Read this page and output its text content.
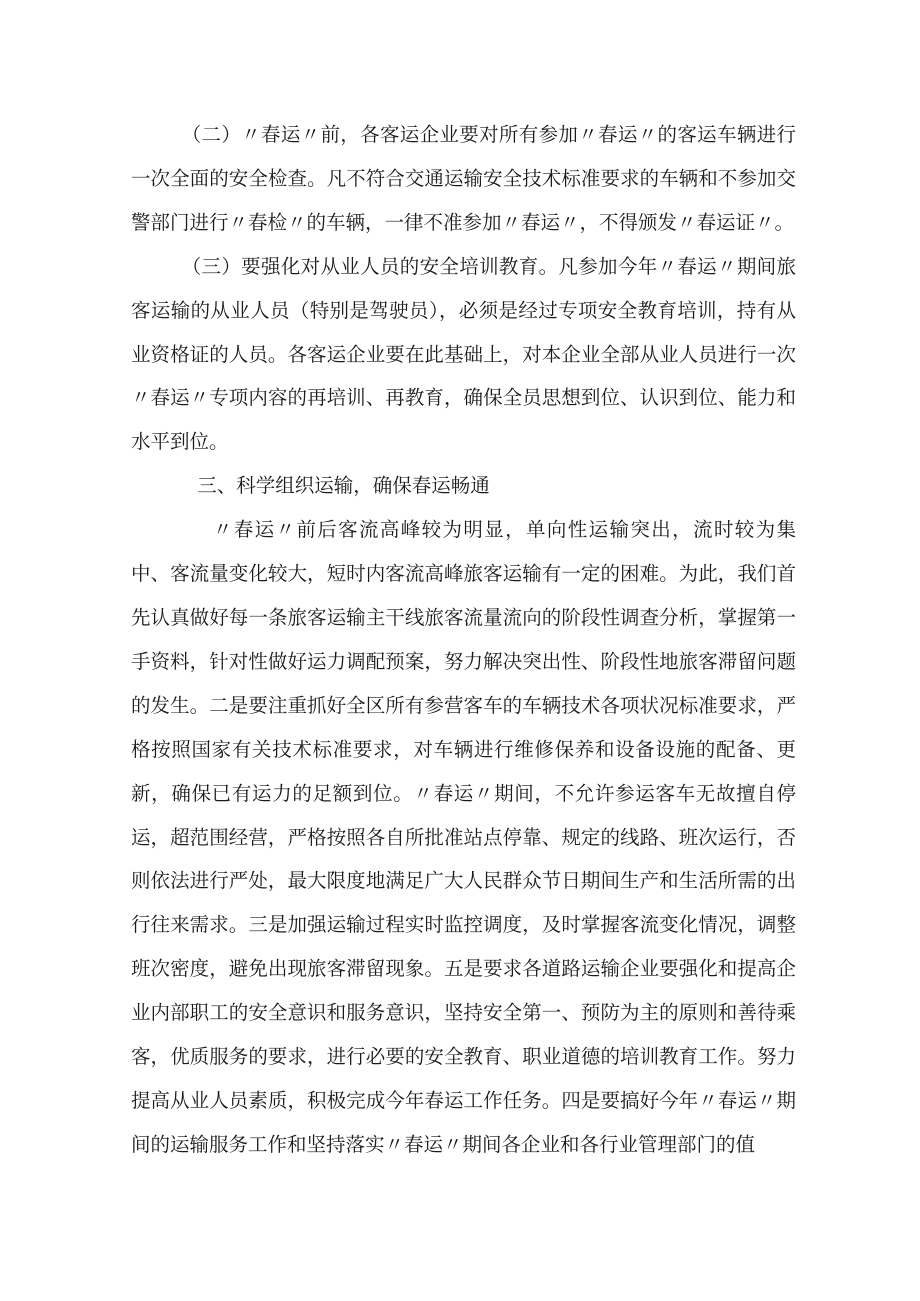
（二）〃春运〃前，各客运企业要对所有参加〃春运〃的客运车辆进行一次全面的安全检查。凡不符合交通运输安全技术标准要求的车辆和不参加交警部门进行〃春检〃的车辆，一律不准参加〃春运〃，不得颁发〃春运证〃。

（三）要强化对从业人员的安全培训教育。凡参加今年〃春运〃期间旅客运输的从业人员（特别是驾驶员），必须是经过专项安全教育培训，持有从业资格证的人员。各客运企业要在此基础上，对本企业全部从业人员进行一次〃春运〃专项内容的再培训、再教育，确保全员思想到位、认识到位、能力和水平到位。

三、科学组织运输，确保春运畅通

〃春运〃前后客流高峰较为明显，单向性运输突出，流时较为集中、客流量变化较大，短时内客流高峰旅客运输有一定的困难。为此，我们首先认真做好每一条旅客运输主干线旅客流量流向的阶段性调查分析，掌握第一手资料，针对性做好运力调配预案，努力解决突出性、阶段性地旅客滞留问题的发生。二是要注重抓好全区所有参营客车的车辆技术各项状况标准要求，严格按照国家有关技术标准要求，对车辆进行维修保养和设备设施的配备、更新，确保已有运力的足额到位。〃春运〃期间，不允许参运客车无故擅自停运，超范围经营，严格按照各自所批准站点停靠、规定的线路、班次运行，否则依法进行严处，最大限度地满足广大人民群众节日期间生产和生活所需的出行往来需求。三是加强运输过程实时监控调度，及时掌握客流变化情况，调整班次密度，避免出现旅客滞留现象。五是要求各道路运输企业要强化和提高企业内部职工的安全意识和服务意识，坚持安全第一、预防为主的原则和善待乘客，优质服务的要求，进行必要的安全教育、职业道德的培训教育工作。努力提高从业人员素质，积极完成今年春运工作任务。四是要搞好今年〃春运〃期间的运输服务工作和坚持落实〃春运〃期间各企业和各行业管理部门的值
